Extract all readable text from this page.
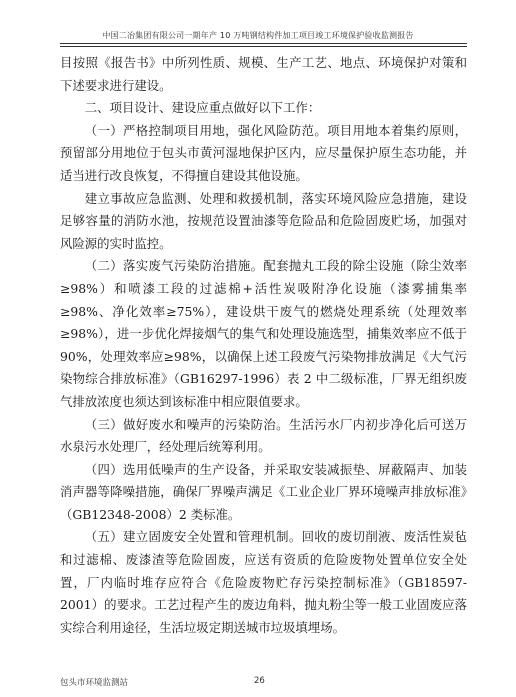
中国二冶集团有限公司一期年产 10 万吨钢结构件加工项目竣工环境保护验收监测报告

目按照《报告书》中所列性质、规模、生产工艺、地点、环境保护对策和下述要求进行建设。

二、项目设计、建设应重点做好以下工作：

（一）严格控制项目用地，强化风险防范。项目用地本着集约原则，预留部分用地位于包头市黄河湿地保护区内，应尽量保护原生态功能，并适当进行改良恢复，不得擅自建设其他设施。

建立事故应急监测、处理和救援机制，落实环境风险应急措施，建设足够容量的消防水池，按规范设置油漆等危险品和危险固废贮场，加强对风险源的实时监控。

（二）落实废气污染防治措施。配套抛丸工段的除尘设施（除尘效率≥98%）和喷漆工段的过滤棉+活性炭吸附净化设施（漆雾捕集率≥98%、净化效率≥75%），建设烘干废气的燃烧处理系统（处理效率≥98%），进一步优化焊接烟气的集气和处理设施选型，捕集效率应不低于90%，处理效率应≥98%，以确保上述工段废气污染物排放满足《大气污染物综合排放标准》（GB16297-1996）表 2 中二级标准，厂界无组织废气排放浓度也须达到该标准中相应限值要求。

（三）做好废水和噪声的污染防治。生活污水厂内初步净化后可送万水泉污水处理厂，经处理后统筹利用。

（四）选用低噪声的生产设备，并采取安装减振垫、屏蔽隔声、加装消声器等降噪措施，确保厂界噪声满足《工业企业厂界环境噪声排放标准》（GB12348-2008）2 类标准。

（五）建立固废安全处置和管理机制。回收的废切削液、废活性炭毡和过滤棉、废漆渣等危险固废，应送有资质的危险废物处置单位安全处置，厂内临时堆存应符合《危险废物贮存污染控制标准》（GB18597-2001）的要求。工艺过程产生的废边角料，抛丸粉尘等一般工业固废应落实综合利用途径，生活垃圾定期送城市垃圾填埋场。

包头市环境监测站	26
